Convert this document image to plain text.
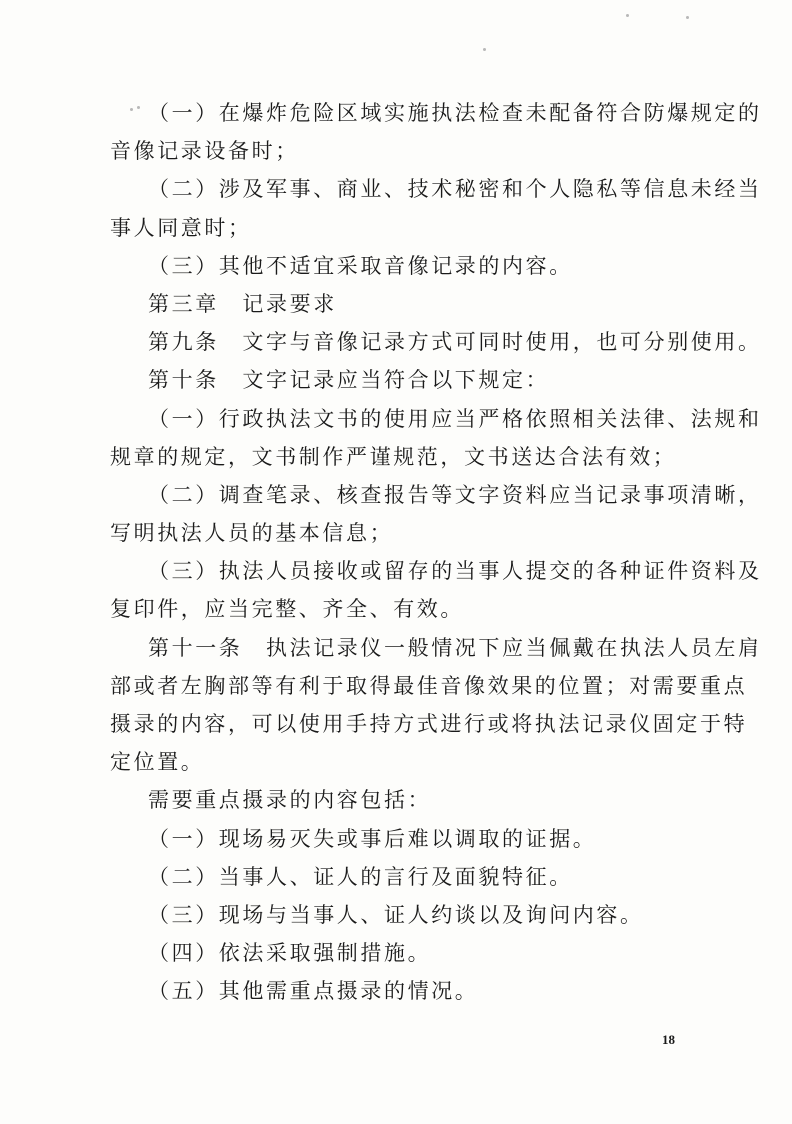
（一）在爆炸危险区域实施执法检查未配备符合防爆规定的
音像记录设备时；
（二）涉及军事、商业、技术秘密和个人隐私等信息未经当
事人同意时；
（三）其他不适宜采取音像记录的内容。
第三章　记录要求
第九条　文字与音像记录方式可同时使用，也可分别使用。
第十条　文字记录应当符合以下规定：
（一）行政执法文书的使用应当严格依照相关法律、法规和
规章的规定，文书制作严谨规范，文书送达合法有效；
（二）调查笔录、核查报告等文字资料应当记录事项清晰，
写明执法人员的基本信息；
（三）执法人员接收或留存的当事人提交的各种证件资料及
复印件，应当完整、齐全、有效。
第十一条　执法记录仪一般情况下应当佩戴在执法人员左肩
部或者左胸部等有利于取得最佳音像效果的位置；对需要重点
摄录的内容，可以使用手持方式进行或将执法记录仪固定于特
定位置。
需要重点摄录的内容包括：
（一）现场易灭失或事后难以调取的证据。
（二）当事人、证人的言行及面貌特征。
（三）现场与当事人、证人约谈以及询问内容。
（四）依法采取强制措施。
（五）其他需重点摄录的情况。
18
